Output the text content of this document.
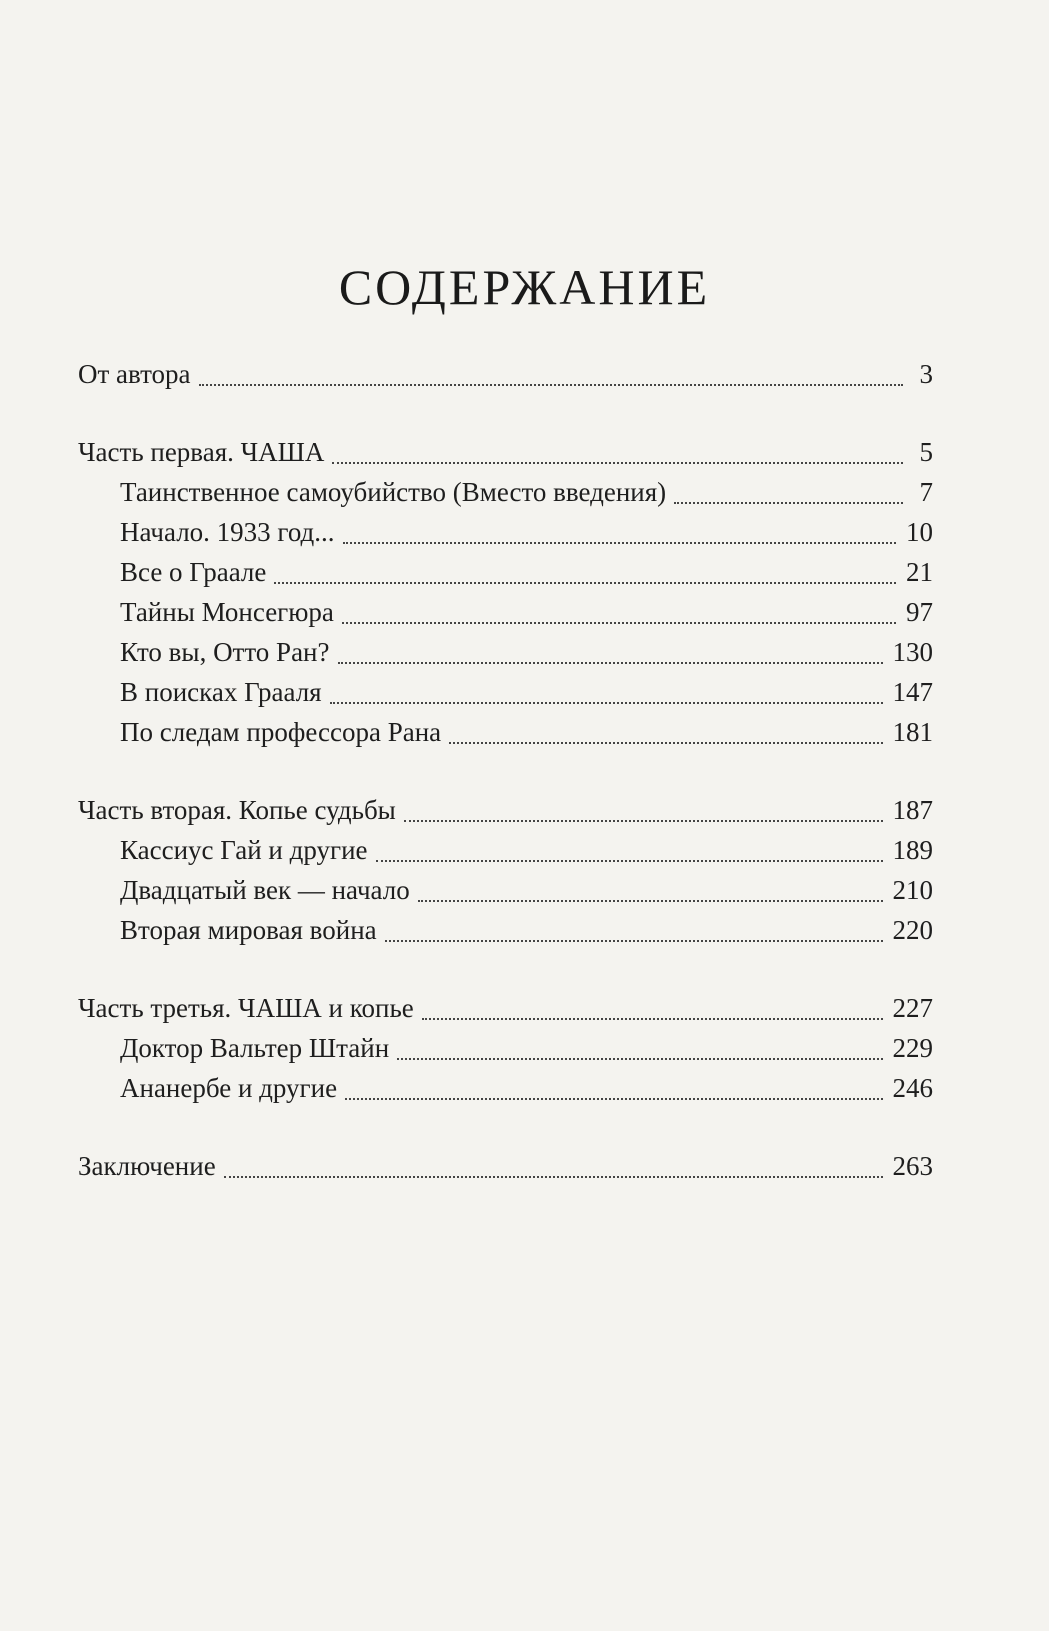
СОДЕРЖАНИЕ
От автора	3
Часть первая. ЧАША	5
Таинственное самоубийство (Вместо введения)	7
Начало. 1933 год...	10
Все о Граале	21
Тайны Монсегюра	97
Кто вы, Отто Ран?	130
В поисках Грааля	147
По следам профессора Рана	181
Часть вторая. Копье судьбы	187
Кассиус Гай и другие	189
Двадцатый век — начало	210
Вторая мировая война	220
Часть третья. ЧАША и копье	227
Доктор Вальтер Штайн	229
Ананербе и другие	246
Заключение	263
